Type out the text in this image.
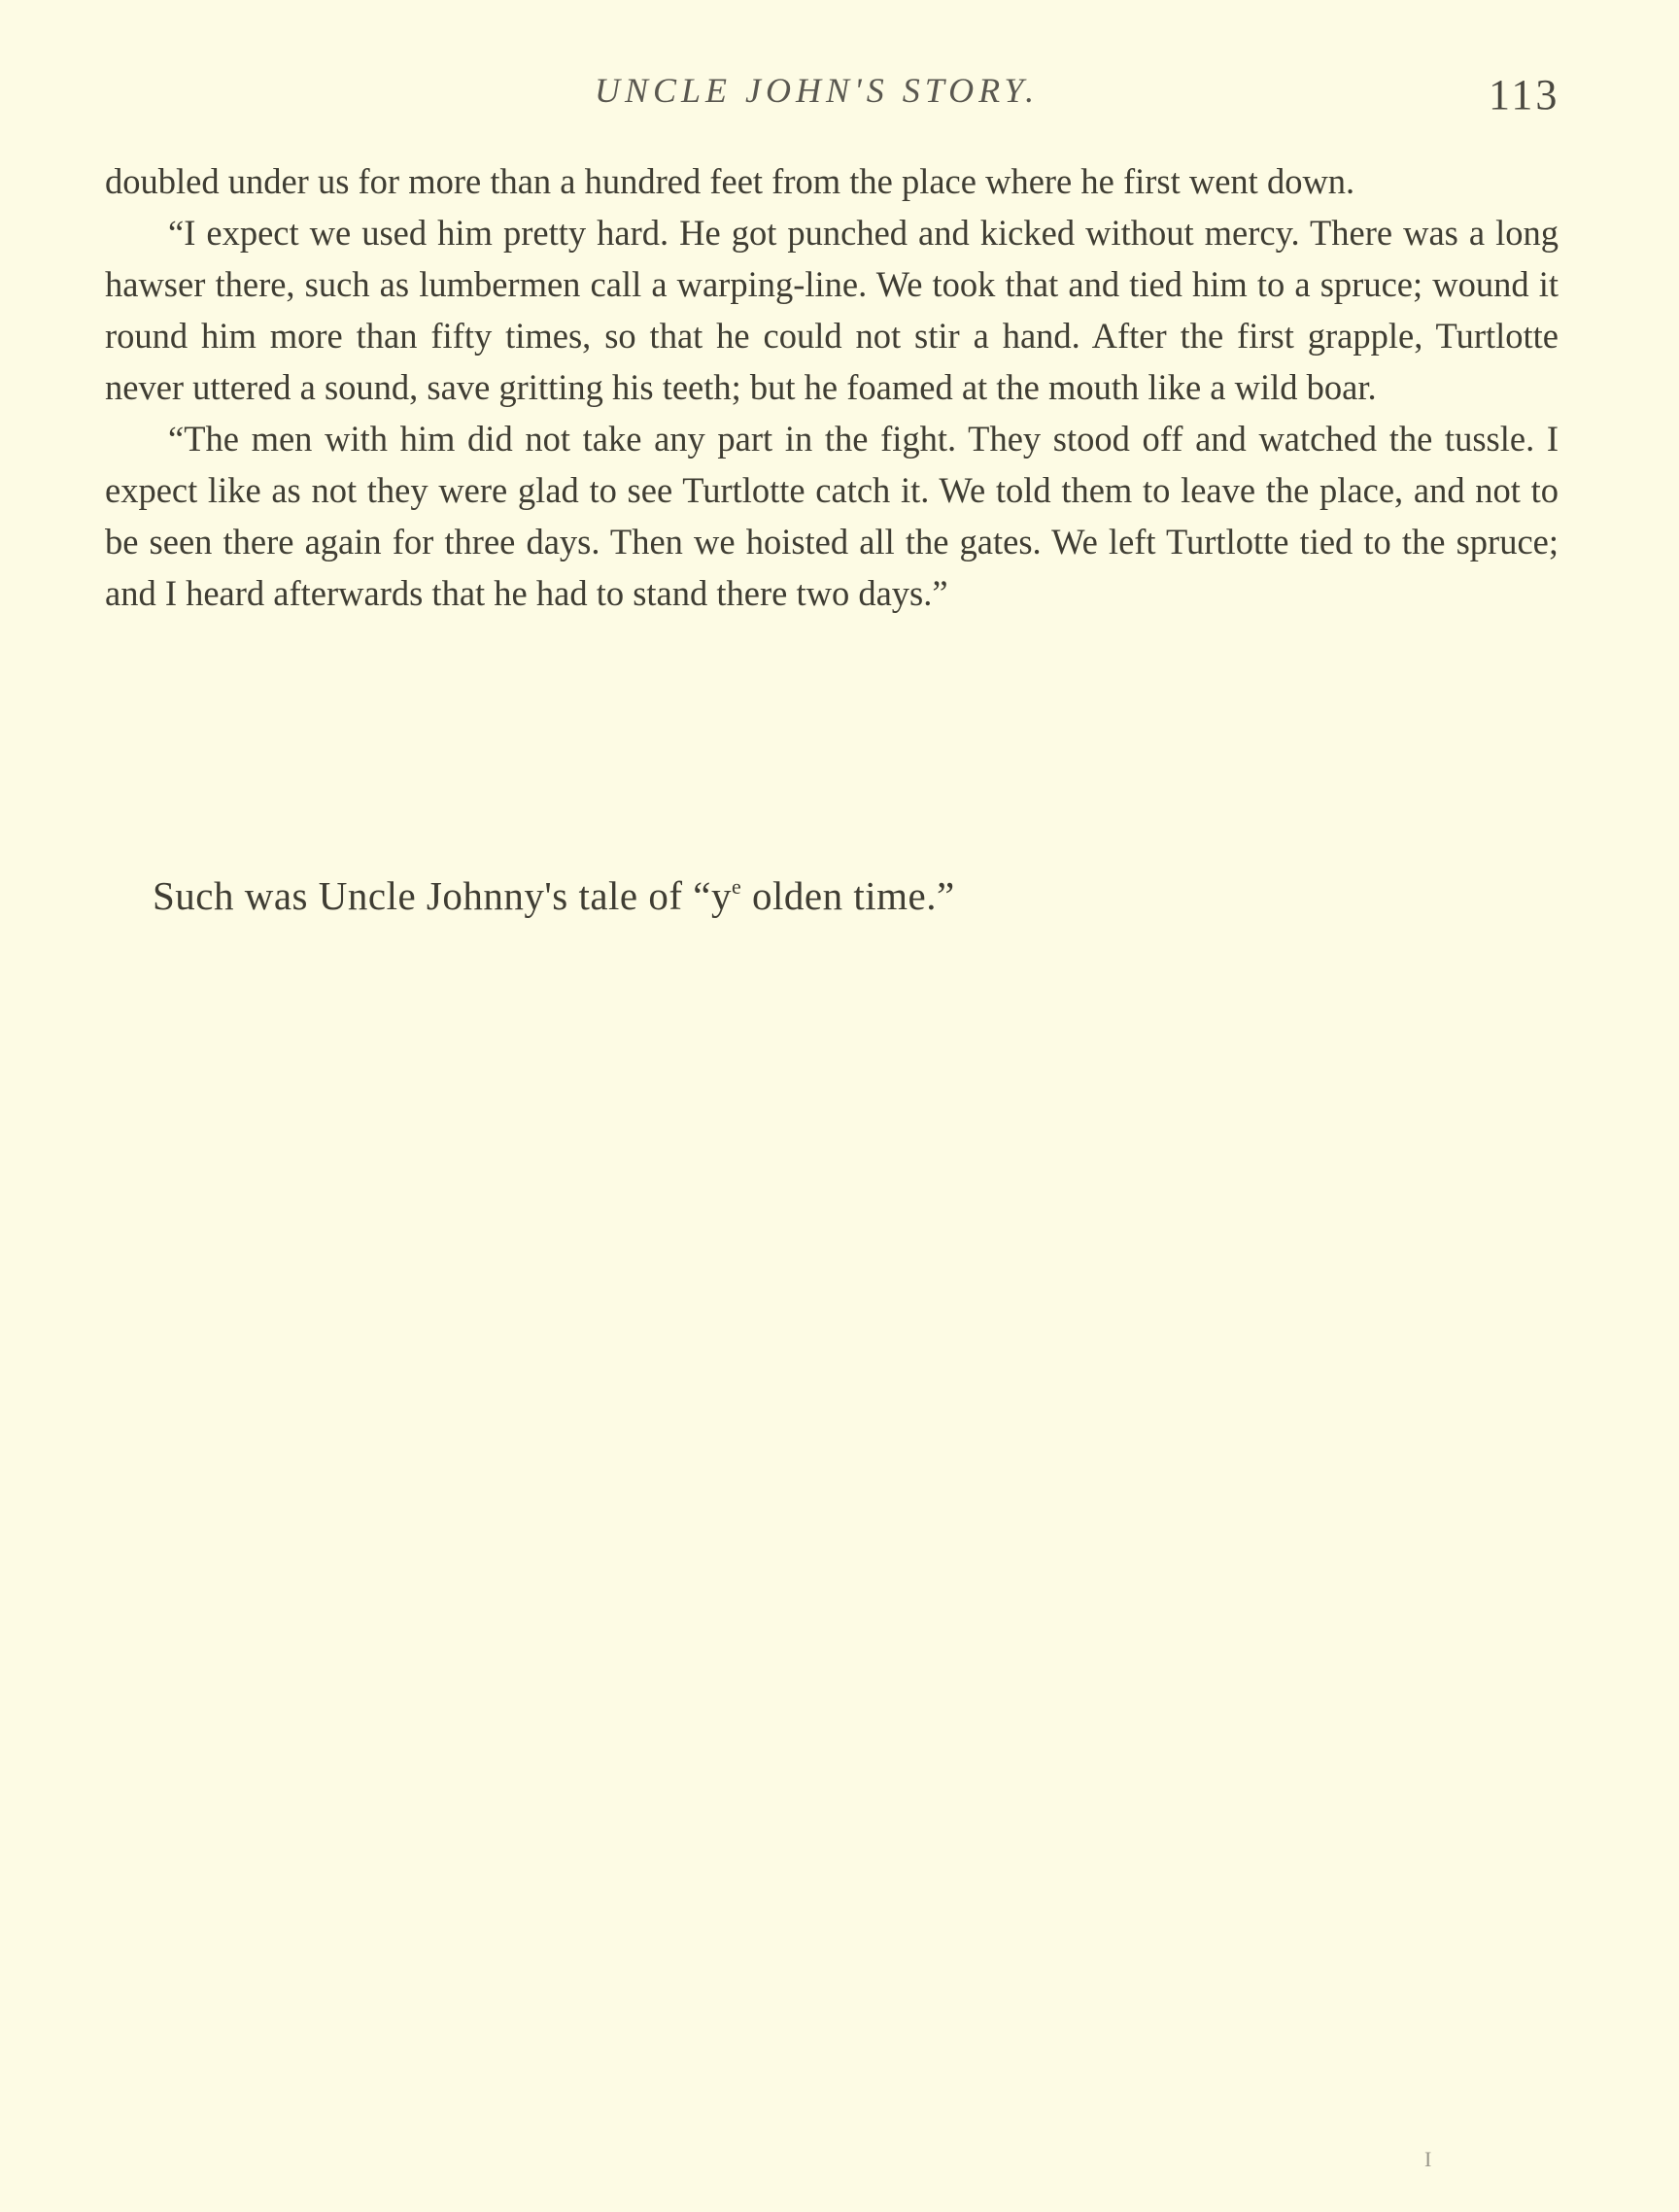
UNCLE JOHN'S STORY.	113

doubled under us for more than a hundred feet from the place where he first went down.

“I expect we used him pretty hard. He got punched and kicked without mercy. There was a long hawser there, such as lumbermen call a warping-line. We took that and tied him to a spruce; wound it round him more than fifty times, so that he could not stir a hand. After the first grapple, Turtlotte never uttered a sound, save gritting his teeth; but he foamed at the mouth like a wild boar.

“The men with him did not take any part in the fight. They stood off and watched the tussle. I expect like as not they were glad to see Turtlotte catch it. We told them to leave the place, and not to be seen there again for three days. Then we hoisted all the gates. We left Turtlotte tied to the spruce; and I heard afterwards that he had to stand there two days.”

Such was Uncle Johnny's tale of “$y^e$ olden time.”
I
